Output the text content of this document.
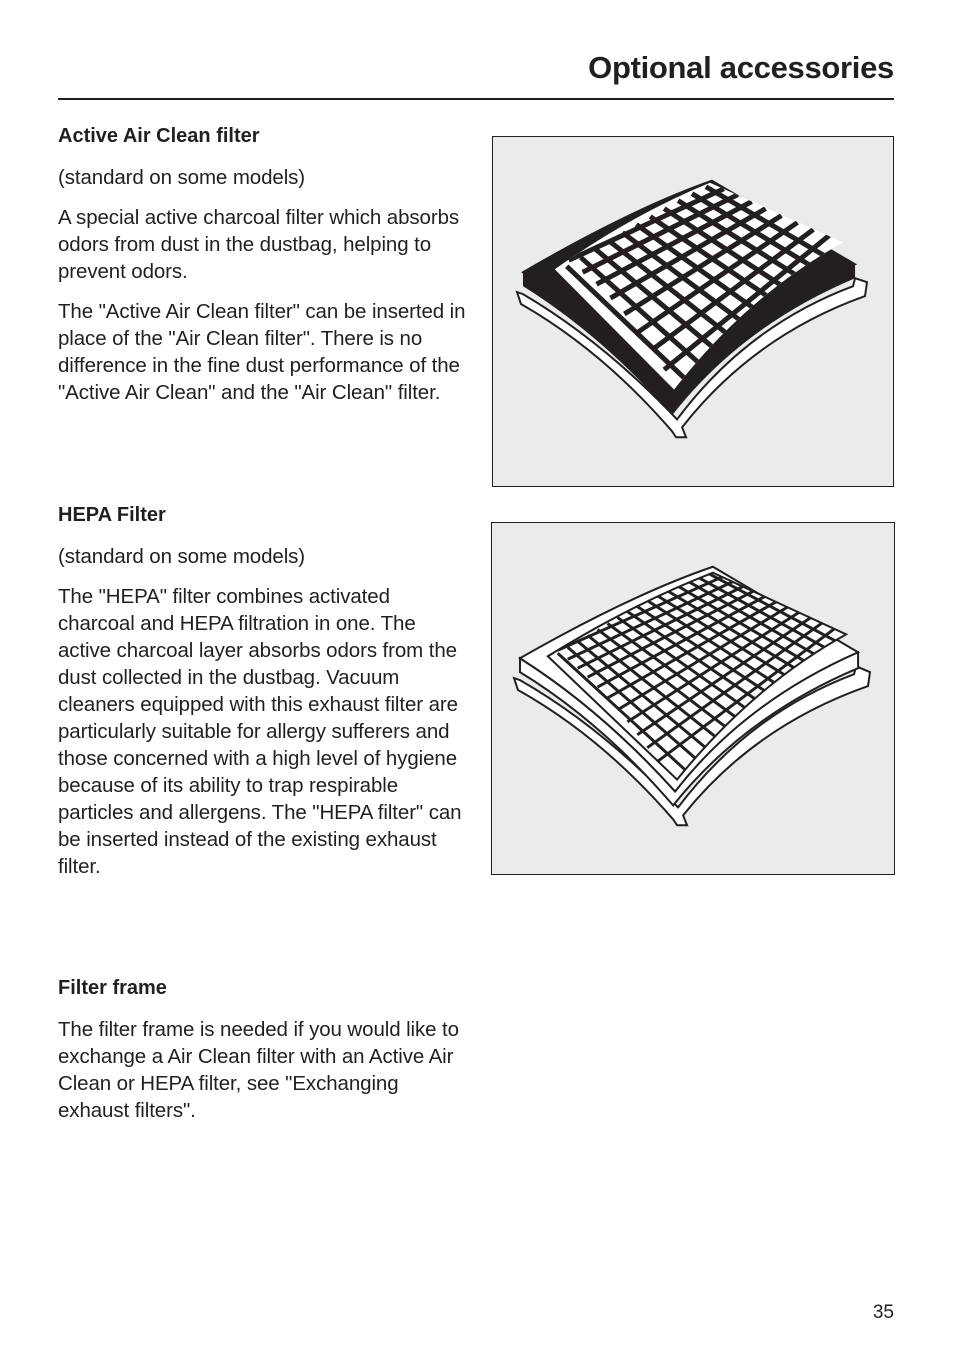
Optional accessories
Active Air Clean filter

(standard on some models)

A special active charcoal filter which absorbs odors from dust in the dustbag, helping to prevent odors.

The "Active Air Clean filter" can be inserted in place of the "Air Clean filter". There is no difference in the fine dust performance of the "Active Air Clean" and the "Air Clean" filter.

HEPA Filter

(standard on some models)

The "HEPA" filter combines activated charcoal and HEPA filtration in one. The active charcoal layer absorbs odors from the dust collected in the dustbag. Vacuum cleaners equipped with this exhaust filter are particularly suitable for allergy sufferers and those concerned with a high level of hygiene because of its ability to trap respirable particles and allergens. The "HEPA filter" can be inserted instead of the existing exhaust filter.

Filter frame

The filter frame is needed if you would like to exchange a Air Clean filter with an Active Air Clean or HEPA filter, see "Exchanging exhaust filters".

35
